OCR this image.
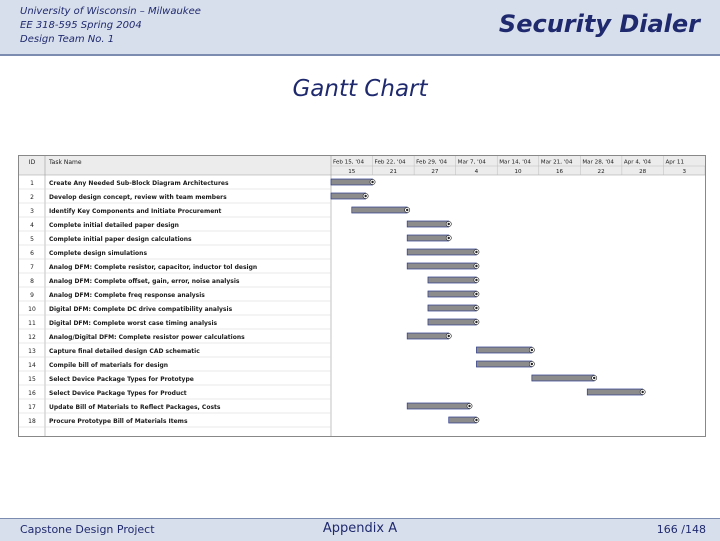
University of Wisconsin – Milwaukee
EE 318-595 Spring 2004
Design Team No. 1
Security Dialer
Gantt Chart
ID Task Name	Feb 15, '04 Feb 22, '04 Feb 29, '04 Mar 7, '04 Mar 14, '04 Mar 21, '04 Mar 28, '04 Apr 4, '04	Apr 11
15	21	27	4	10	16	22	28	3
1	Create Any Needed Sub-Block Diagram Architectures
2	Develop design concept, review with team members
3	Identify Key Components and Initiate Procurement
4	Complete initial detailed paper design
5	Complete initial paper design calculations
6	Complete design simulations
7	Analog DFM: Complete resistor, capacitor, inductor tol design
8	Analog DFM: Complete offset, gain, error, noise analysis
9	Analog DFM: Complete freq response analysis
10 Digital DFM: Complete DC drive compatibility analysis
11 Digital DFM: Complete worst case timing analysis
12 Analog/Digital DFM: Complete resistor power calculations
13 Capture final detailed design CAD schematic
14 Compile bill of materials for design
15 Select Device Package Types for Prototype
16 Select Device Package Types for Product
17 Update Bill of Materials to Reflect Packages, Costs
18 Procure Prototype Bill of Materials Items
Capstone Design Project	Appendix A	166 /148
